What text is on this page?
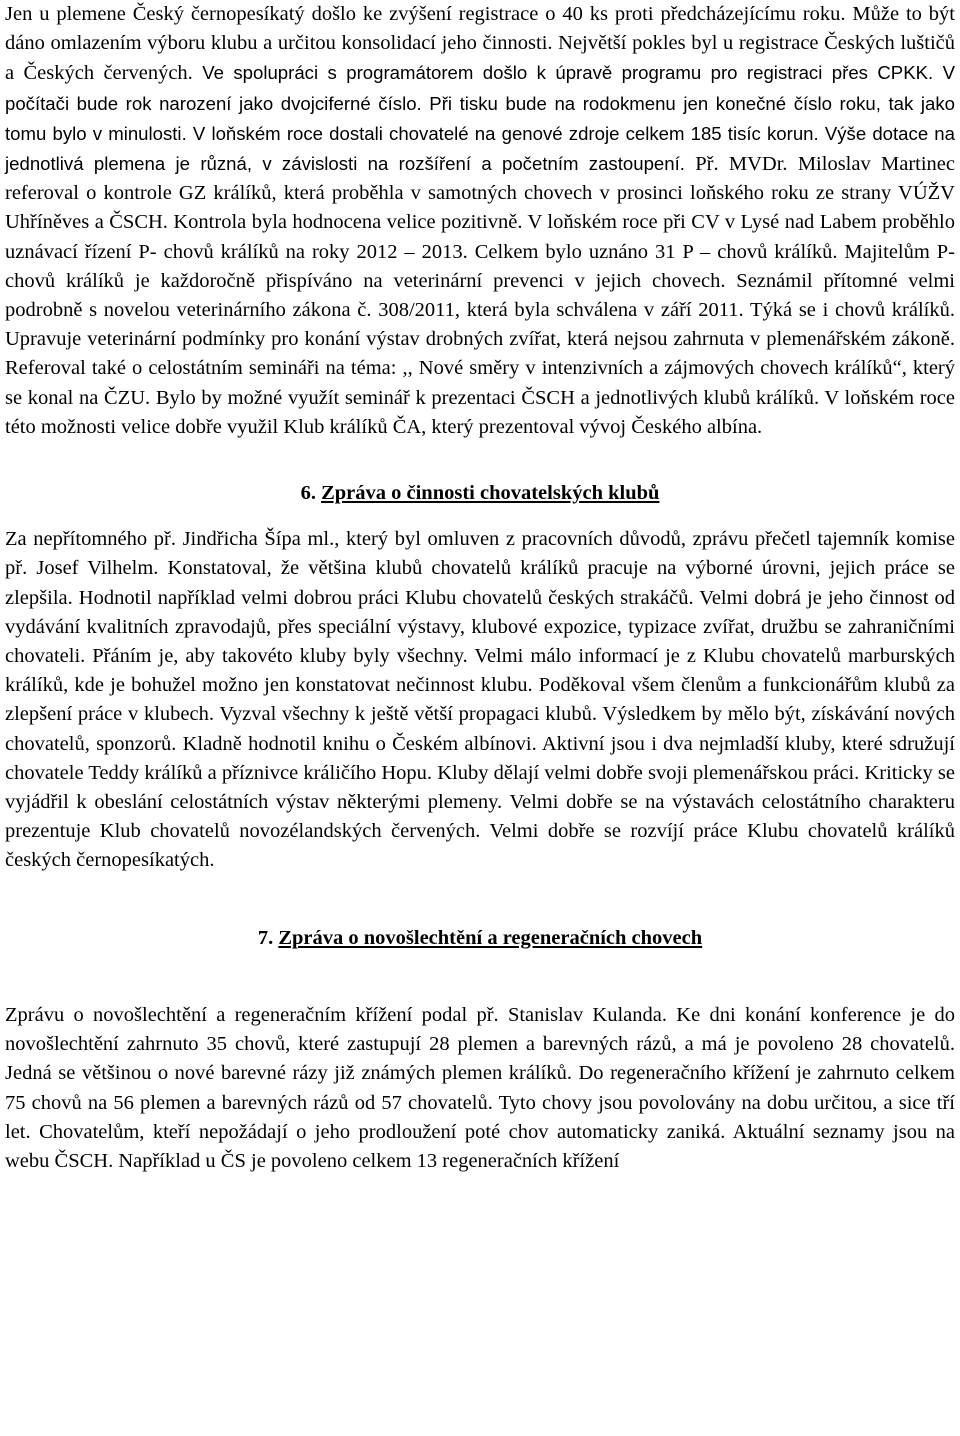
Jen u plemene Český černopesíkatý došlo ke zvýšení registrace o 40 ks proti předcházejícímu roku. Může to být dáno omlazením výboru klubu a určitou konsolidací jeho činnosti. Největší pokles byl u registrace Českých luštičů a Českých červených. Ve spolupráci s programátorem došlo k úpravě programu pro registraci přes CPKK. V počítači bude rok narození jako dvojciferné číslo. Při tisku bude na rodokmenu jen konečné číslo roku, tak jako tomu bylo v minulosti. V loňském roce dostali chovatelé na genové zdroje celkem 185 tisíc korun. Výše dotace na jednotlivá plemena je různá, v závislosti na rozšíření a početním zastoupení. Př. MVDr. Miloslav Martinec referoval o kontrole GZ králíků, která proběhla v samotných chovech v prosinci loňského roku ze strany VÚŽV Uhříněves a ČSCH. Kontrola byla hodnocena velice pozitivně. V loňském roce při CV v Lysé nad Labem proběhlo uznávací řízení P- chovů králíků na roky 2012 – 2013. Celkem bylo uznáno 31 P – chovů králíků. Majitelům P- chovů králíků je každoročně přispíváno na veterinární prevenci v jejich chovech. Seznámil přítomné velmi podrobně s novelou veterinárního zákona č. 308/2011, která byla schválena v září 2011. Týká se i chovů králíků. Upravuje veterinární podmínky pro konání výstav drobných zvířat, která nejsou zahrnuta v plemenářském zákoně. Referoval také o celostátním semináři na téma: ,, Nové směry v intenzivních a zájmových chovech králíků“, který se konal na ČZU. Bylo by možné využít seminář k prezentaci ČSCH a jednotlivých klubů králíků. V loňském roce této možnosti velice dobře využil Klub králíků ČA, který prezentoval vývoj Českého albína.

6. Zpráva o činnosti chovatelských klubů

Za nepřítomného př. Jindřicha Šípa ml., který byl omluven z pracovních důvodů, zprávu přečetl tajemník komise př. Josef Vilhelm. Konstatoval, že většina klubů chovatelů králíků pracuje na výborné úrovni, jejich práce se zlepšila. Hodnotil například velmi dobrou práci Klubu chovatelů českých strakáčů. Velmi dobrá je jeho činnost od vydávání kvalitních zpravodajů, přes speciální výstavy, klubové expozice, typizace zvířat, družbu se zahraničními chovateli. Přáním je, aby takovéto kluby byly všechny. Velmi málo informací je z Klubu chovatelů marburských králíků, kde je bohužel možno jen konstatovat nečinnost klubu. Poděkoval všem členům a funkcionářům klubů za zlepšení práce v klubech. Vyzval všechny k ještě větší propagaci klubů. Výsledkem by mělo být, získávání nových chovatelů, sponzorů. Kladně hodnotil knihu o Českém albínovi. Aktivní jsou i dva nejmladší kluby, které sdružují chovatele Teddy králíků a příznivce králičího Hopu. Kluby dělají velmi dobře svoji plemenářskou práci. Kriticky se vyjádřil k obeslání celostátních výstav některými plemeny. Velmi dobře se na výstavách celostátního charakteru prezentuje Klub chovatelů novozélandských červených. Velmi dobře se rozvíjí práce Klubu chovatelů králíků českých černopesíkatých.

7. Zpráva o novošlechtění a regeneračních chovech

Zprávu o novošlechtění a regeneračním křížení podal př. Stanislav Kulanda. Ke dni konání konference je do novošlechtění zahrnuto 35 chovů, které zastupují 28 plemen a barevných rázů, a má je povoleno 28 chovatelů. Jedná se většinou o nové barevné rázy již známých plemen králíků. Do regeneračního křížení je zahrnuto celkem 75 chovů na 56 plemen a barevných rázů od 57 chovatelů. Tyto chovy jsou povolovány na dobu určitou, a sice tří let. Chovatelům, kteří nepožádají o jeho prodloužení poté chov automaticky zaniká. Aktuální seznamy jsou na webu ČSCH. Například u ČS je povoleno celkem 13 regeneračních křížení
